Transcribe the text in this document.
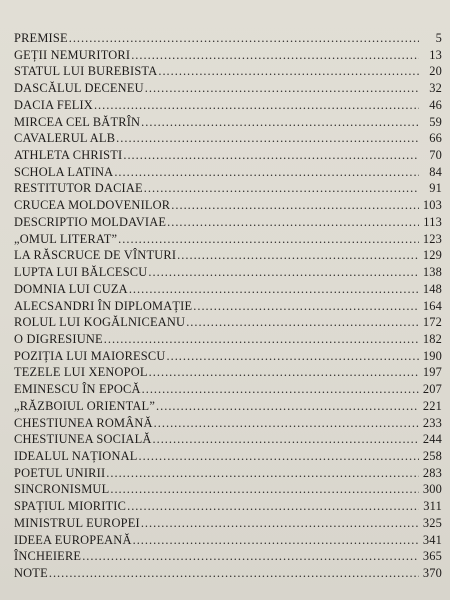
PREMISE .....	5
GEȚII NEMURITORI .....	13
STATUL LUI BUREBISTA .....	20
DASCĂLUL DECENEU .....	32
DACIA FELIX .....	46
MIRCEA CEL BĂTRÎN .....	59
CAVALERUL ALB .....	66
ATHLETA CHRISTI .....	70
SCHOLA LATINA .....	84
RESTITUTOR DACIAE .....	91
CRUCEA MOLDOVENILOR .....	103
DESCRIPTIO MOLDAVIAE .....	113
„OMUL LITERAT” .....	123
LA RĂSCRUCE DE VÎNTURI .....	129
LUPTA LUI BĂLCESCU .....	138
DOMNIA LUI CUZA .....	148
ALECSANDRI ÎN DIPLOMAȚIE .....	164
ROLUL LUI KOGĂLNICEANU .....	172
O DIGRESIUNE .....	182
POZIȚIA LUI MAIORESCU .....	190
TEZELE LUI XENOPOL .....	197
EMINESCU ÎN EPOCĂ .....	207
„RĂZBOIUL ORIENTAL” .....	221
CHESTIUNEA ROMÂNĂ .....	233
CHESTIUNEA SOCIALĂ .....	244
IDEALUL NAȚIONAL .....	258
POETUL UNIRII .....	283
SINCRONISMUL .....	300
SPAȚIUL MIORITIC .....	311
MINISTRUL EUROPEI .....	325
IDEEA EUROPEANĂ .....	341
ÎNCHEIERE .....	365
NOTE .....	370
